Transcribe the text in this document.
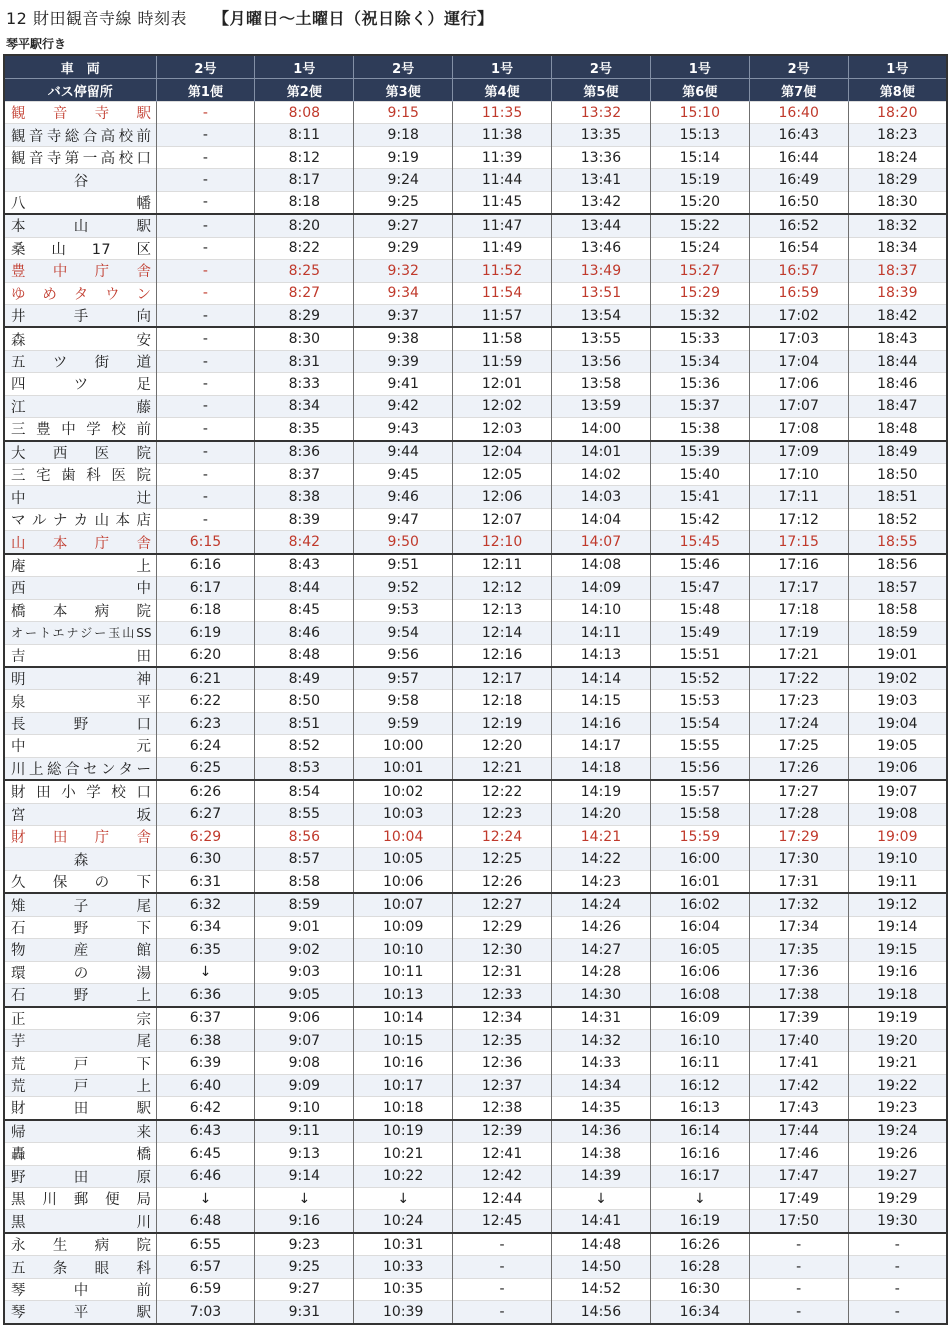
12 財田観音寺線 時刻表 【月曜日～土曜日（祝日除く）運行】
琴平駅行き
車　両	2号	1号	2号	1号	2号	1号	2号	1号
バス停留所	第1便	第2便	第3便	第4便	第5便	第6便	第7便	第8便
観音寺駅	-	8:08	9:15	11:35	13:32	15:10	16:40	18:20
観音寺総合高校前	-	8:11	9:18	11:38	13:35	15:13	16:43	18:23
観音寺第一高校口	-	8:12	9:19	11:39	13:36	15:14	16:44	18:24
谷	-	8:17	9:24	11:44	13:41	15:19	16:49	18:29
八幡	-	8:18	9:25	11:45	13:42	15:20	16:50	18:30
本山駅	-	8:20	9:27	11:47	13:44	15:22	16:52	18:32
桑山17区	-	8:22	9:29	11:49	13:46	15:24	16:54	18:34
豊中庁舎	-	8:25	9:32	11:52	13:49	15:27	16:57	18:37
ゆめタウン	-	8:27	9:34	11:54	13:51	15:29	16:59	18:39
井手向	-	8:29	9:37	11:57	13:54	15:32	17:02	18:42
森安	-	8:30	9:38	11:58	13:55	15:33	17:03	18:43
五ツ街道	-	8:31	9:39	11:59	13:56	15:34	17:04	18:44
四ツ足	-	8:33	9:41	12:01	13:58	15:36	17:06	18:46
江藤	-	8:34	9:42	12:02	13:59	15:37	17:07	18:47
三豊中学校前	-	8:35	9:43	12:03	14:00	15:38	17:08	18:48
大西医院	-	8:36	9:44	12:04	14:01	15:39	17:09	18:49
三宅歯科医院	-	8:37	9:45	12:05	14:02	15:40	17:10	18:50
中辻	-	8:38	9:46	12:06	14:03	15:41	17:11	18:51
マルナカ山本店	-	8:39	9:47	12:07	14:04	15:42	17:12	18:52
山本庁舎	6:15	8:42	9:50	12:10	14:07	15:45	17:15	18:55
庵上	6:16	8:43	9:51	12:11	14:08	15:46	17:16	18:56
西中	6:17	8:44	9:52	12:12	14:09	15:47	17:17	18:57
橋本病院	6:18	8:45	9:53	12:13	14:10	15:48	17:18	18:58
オートエナジー玉山SS	6:19	8:46	9:54	12:14	14:11	15:49	17:19	18:59
吉田	6:20	8:48	9:56	12:16	14:13	15:51	17:21	19:01
明神	6:21	8:49	9:57	12:17	14:14	15:52	17:22	19:02
泉平	6:22	8:50	9:58	12:18	14:15	15:53	17:23	19:03
長野口	6:23	8:51	9:59	12:19	14:16	15:54	17:24	19:04
中元	6:24	8:52	10:00	12:20	14:17	15:55	17:25	19:05
川上総合センター	6:25	8:53	10:01	12:21	14:18	15:56	17:26	19:06
財田小学校口	6:26	8:54	10:02	12:22	14:19	15:57	17:27	19:07
宮坂	6:27	8:55	10:03	12:23	14:20	15:58	17:28	19:08
財田庁舎	6:29	8:56	10:04	12:24	14:21	15:59	17:29	19:09
森	6:30	8:57	10:05	12:25	14:22	16:00	17:30	19:10
久保の下	6:31	8:58	10:06	12:26	14:23	16:01	17:31	19:11
雉子尾	6:32	8:59	10:07	12:27	14:24	16:02	17:32	19:12
石野下	6:34	9:01	10:09	12:29	14:26	16:04	17:34	19:14
物産館	6:35	9:02	10:10	12:30	14:27	16:05	17:35	19:15
環の湯	↓	9:03	10:11	12:31	14:28	16:06	17:36	19:16
石野上	6:36	9:05	10:13	12:33	14:30	16:08	17:38	19:18
正宗	6:37	9:06	10:14	12:34	14:31	16:09	17:39	19:19
芋尾	6:38	9:07	10:15	12:35	14:32	16:10	17:40	19:20
荒戸下	6:39	9:08	10:16	12:36	14:33	16:11	17:41	19:21
荒戸上	6:40	9:09	10:17	12:37	14:34	16:12	17:42	19:22
財田駅	6:42	9:10	10:18	12:38	14:35	16:13	17:43	19:23
帰来	6:43	9:11	10:19	12:39	14:36	16:14	17:44	19:24
轟橋	6:45	9:13	10:21	12:41	14:38	16:16	17:46	19:26
野田原	6:46	9:14	10:22	12:42	14:39	16:17	17:47	19:27
黒川郵便局	↓	↓	↓	12:44	↓	↓	17:49	19:29
黒川	6:48	9:16	10:24	12:45	14:41	16:19	17:50	19:30
永生病院	6:55	9:23	10:31	-	14:48	16:26	-	-
五条眼科	6:57	9:25	10:33	-	14:50	16:28	-	-
琴中前	6:59	9:27	10:35	-	14:52	16:30	-	-
琴平駅	7:03	9:31	10:39	-	14:56	16:34	-	-
